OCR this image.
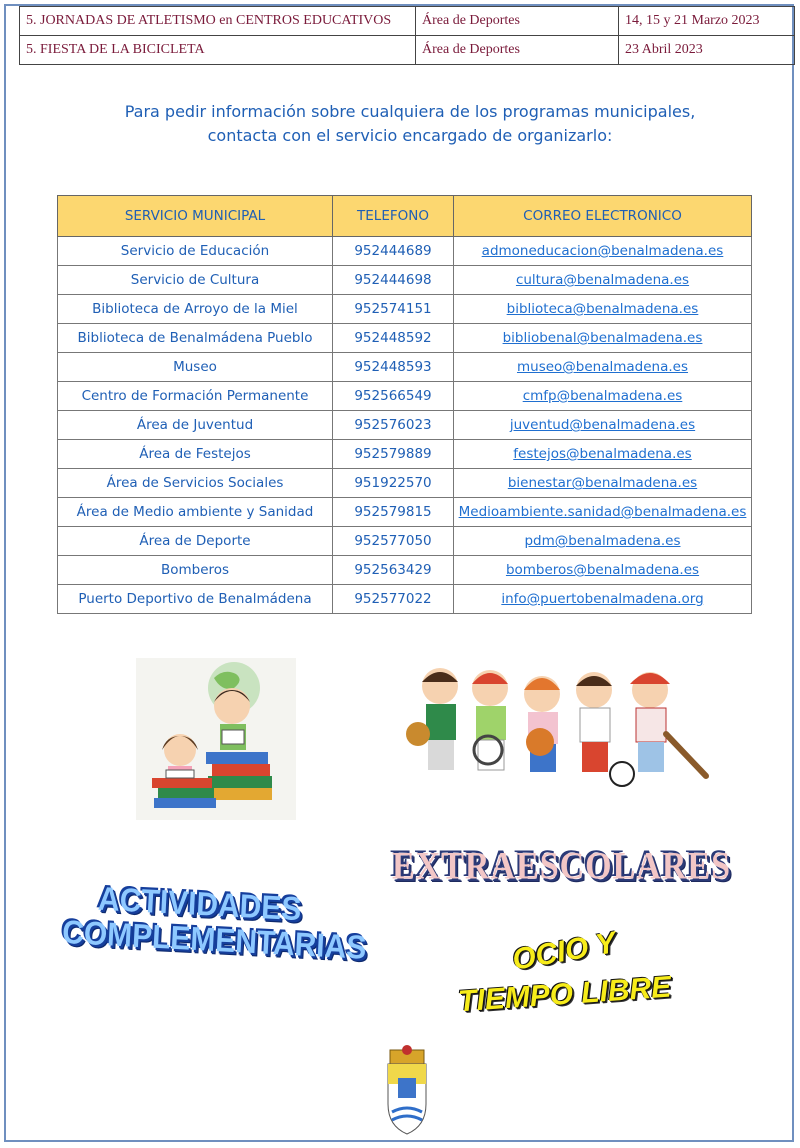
5. JORNADAS DE ATLETISMO en CENTROS EDUCATIVOS	Área de Deportes	14, 15 y 21 Marzo 2023
5. FIESTA DE LA BICICLETA	Área de Deportes	23 Abril 2023
Para pedir información sobre cualquiera de los programas municipales,
contacta con el servicio encargado de organizarlo:
SERVICIO MUNICIPAL	TELEFONO	CORREO ELECTRONICO
Servicio de Educación	952444689	admoneducacion@benalmadena.es
Servicio de Cultura	952444698	cultura@benalmadena.es
Biblioteca de Arroyo de la Miel	952574151	biblioteca@benalmadena.es
Biblioteca de Benalmádena Pueblo	952448592	bibliobenal@benalmadena.es
Museo	952448593	museo@benalmadena.es
Centro de Formación Permanente	952566549	cmfp@benalmadena.es
Área de Juventud	952576023	juventud@benalmadena.es
Área de Festejos	952579889	festejos@benalmadena.es
Área de Servicios Sociales	951922570	bienestar@benalmadena.es
Área de Medio ambiente y Sanidad	952579815	Medioambiente.sanidad@benalmadena.es
Área de Deporte	952577050	pdm@benalmadena.es
Bomberos	952563429	bomberos@benalmadena.es
Puerto Deportivo de Benalmádena	952577022	info@puertobenalmadena.org
EXTRAESCOLARES
ACTIVIDADES
COMPLEMENTARIAS	OCIO Y
TIEMPO LIBRE
